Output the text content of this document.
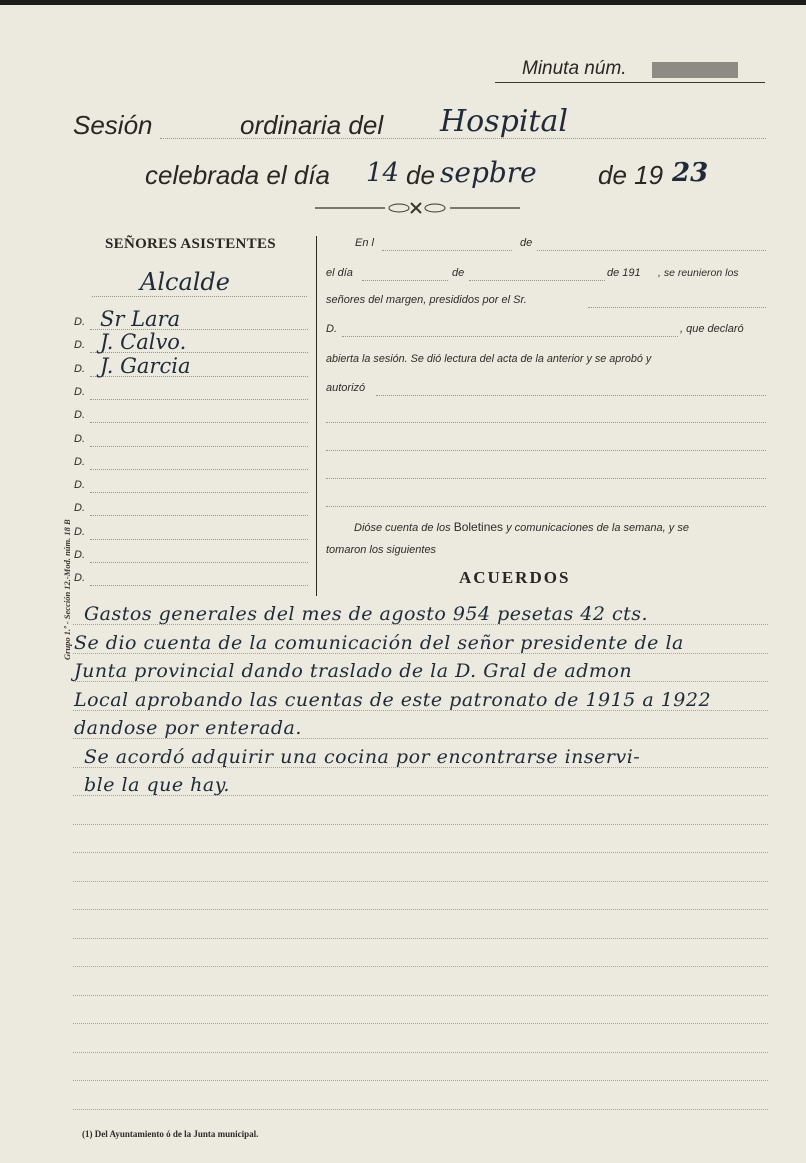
Minuta núm.
Sesión	ordinaria del Hospital
celebrada el día 14 de sepbre de 19 23
SEÑORES ASISTENTES
Alcalde
D. Sr Lara
D. J. Calvo.
D. J. Garcia
D.
D.
D.
D.
D.
D.
D.
D.
D.
Grupo 1.º - Sección 12.-Mod. núm. 18 B
En l	de
el día	de	de 191 , se reunieron los
señores del margen, presididos por el Sr.
D.	, que declaró
abierta la sesión. Se dió lectura del acta de la anterior y se aprobó y
autorizó
Dióse cuenta de los Boletines y comunicaciones de la semana, y se
tomaron los siguientes
ACUERDOS
Gastos generales del mes de agosto 954 pesetas 42 cts.
Se dio cuenta de la comunicación del señor presidente de la
Junta provincial dando traslado de la D. Gral de admon
Local aprobando las cuentas de este patronato de 1915 a 1922
dandose por enterada.
Se acordó adquirir una cocina por encontrarse inservi-
ble la que hay.
(1) Del Ayuntamiento ó de la Junta municipal.
